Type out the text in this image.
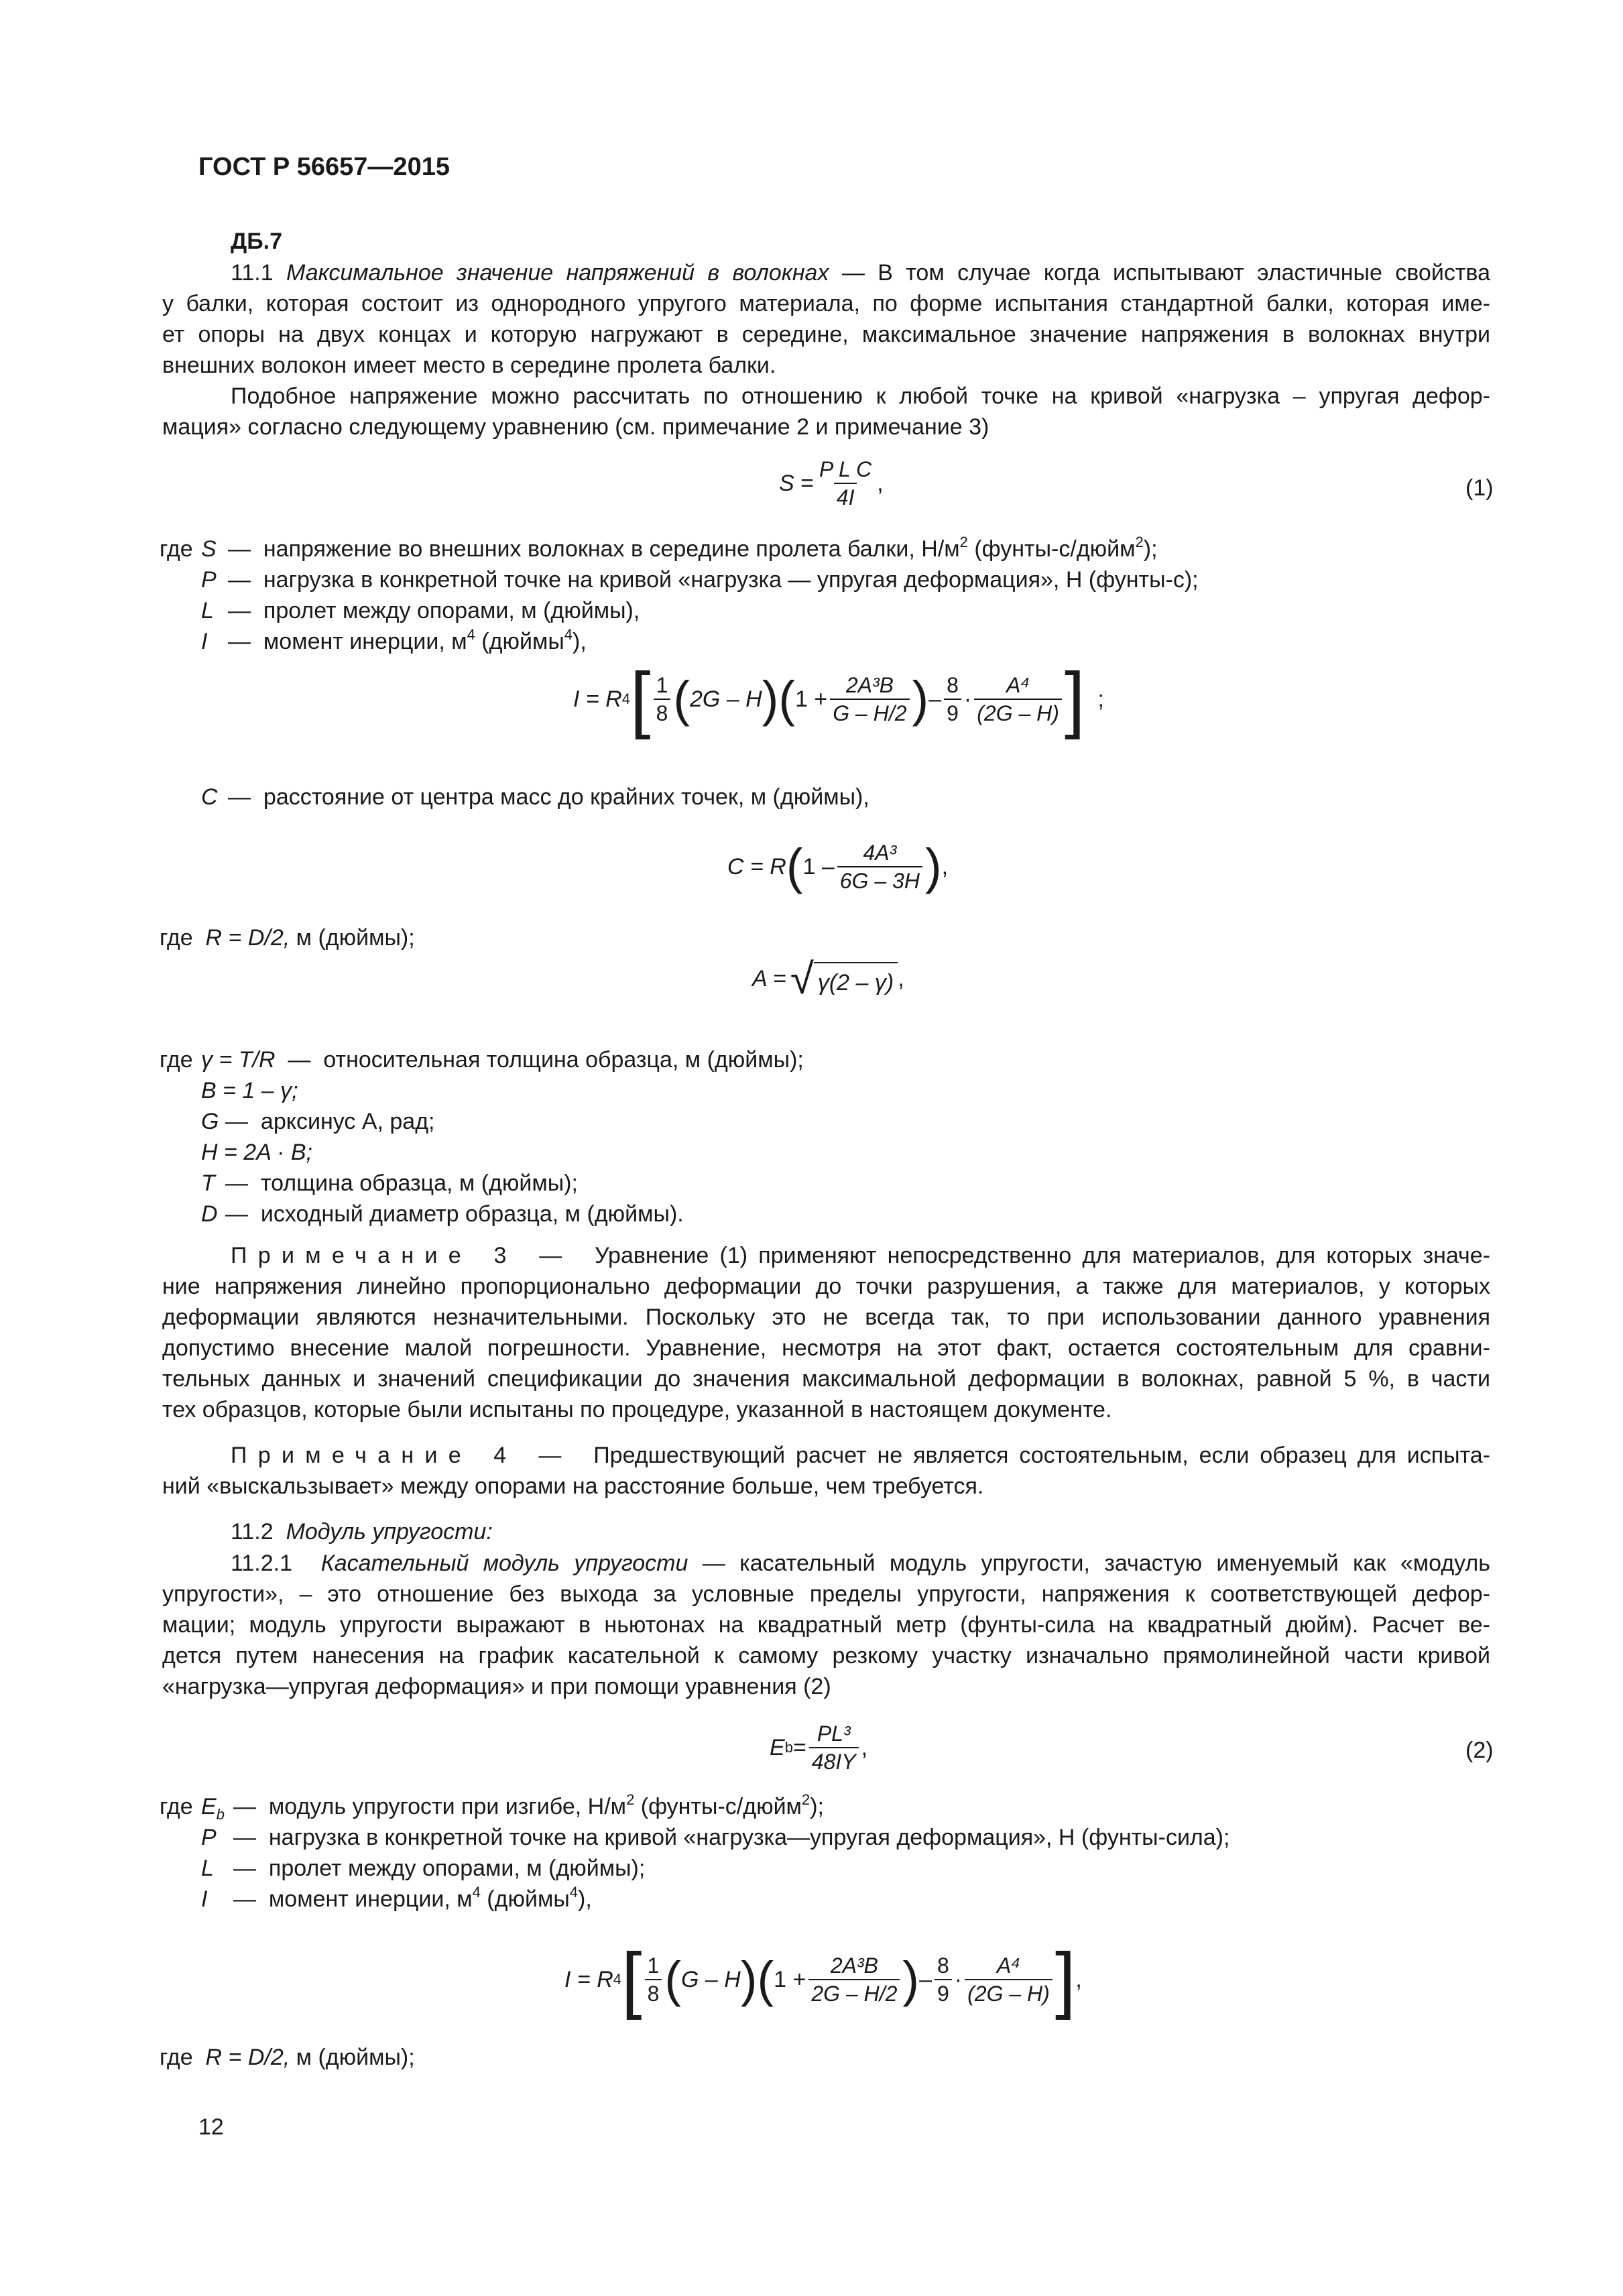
ГОСТ Р 56657—2015
ДБ.7
11.1 Максимальное значение напряжений в волокнах — В том случае когда испытывают эластичные свойства
у балки, которая состоит из однородного упругого материала, по форме испытания стандартной балки, которая име-
ет опоры на двух концах и которую нагружают в середине, максимальное значение напряжения в волокнах внутри
внешних волокон имеет место в середине пролета балки.
Подобное напряжение можно рассчитать по отношению к любой точке на кривой «нагрузка – упругая дефор-
мация» согласно следующему уравнению (см. примечание 2 и примечание 3)
$S = \frac{\text{P L C}}{4I}$ ,	(1)
где S — напряжение во внешних волокнах в середине пролета балки, $Н/м^2$ (фунты-с/дюйм$^2$);
P — нагрузка в конкретной точке на кривой «нагрузка — упругая деформация», Н (фунты-с);
L — пролет между опорами, м (дюймы),
I — момент инерции, $м^4$ (дюймы$^4$),
I = R 4 [ $\frac{1}{8}$ ( 2G – H ) ( $1 + \frac{\text{2A³B}}{G - H/2}$ ) – $\frac{8}{9} \cdot \frac{\text{A⁴}}{(2G - H)}$ ]
;
C — расстояние от центра масс до крайних точек, м (дюймы),
C = R ( $1 - \frac{\text{4A³}}{6G - 3H}$ ) ,
где R = D/2, м (дюймы);
A = √ γ(2 – γ) ,
где γ = T/R — относительная толщина образца, м (дюймы);
B = 1 – γ;
G — арксинус А, рад;
H = 2A · B;
T — толщина образца, м (дюймы);
D — исходный диаметр образца, м (дюймы).
Примечание 3  —   Уравнение (1) применяют непосредственно для материалов, для которых значе-
ние напряжения линейно пропорционально деформации до точки разрушения, а также для материалов, у которых
деформации являются незначительными. Поскольку это не всегда так, то при использовании данного уравнения
допустимо внесение малой погрешности. Уравнение, несмотря на этот факт, остается состоятельным для сравни-
тельных данных и значений спецификации до значения максимальной деформации в волокнах, равной 5 %, в части
тех образцов, которые были испытаны по процедуре, указанной в настоящем документе.
Примечание 4  —   Предшествующий расчет не является состоятельным, если образец для испыта-
ний «выскальзывает» между опорами на расстояние больше, чем требуется.
11.2 Модуль упругости:
11.2.1 Касательный модуль упругости — касательный модуль упругости, зачастую именуемый как «модуль
упругости», – это отношение без выхода за условные пределы упругости, напряжения к соответствующей дефор-
мации; модуль упругости выражают в ньютонах на квадратный метр (фунты-сила на квадратный дюйм). Расчет ве-
дется путем нанесения на график касательной к самому резкому участку изначально прямолинейной части кривой
«нагрузка—упругая деформация» и при помощи уравнения (2)
E $b = \frac{\text{PL³}}{48IY}$ ,	(2)
где $E_b$ — модуль упругости при изгибе, $Н/м^2$ (фунты-с/дюйм$^2$);
P — нагрузка в конкретной точке на кривой «нагрузка—упругая деформация», Н (фунты-сила);
L — пролет между опорами, м (дюймы);
I	— момент инерции, $м^4$ (дюймы$^4$),
I = R 4 [ $\frac{1}{8}$ ( G – H ) ( $1 + \frac{\text{2A³B}}{2G - H/2}$ ) – $\frac{8}{9} \cdot \frac{\text{A⁴}}{(2G - H)}$ ] ,
где R = D/2, м (дюймы);
12
